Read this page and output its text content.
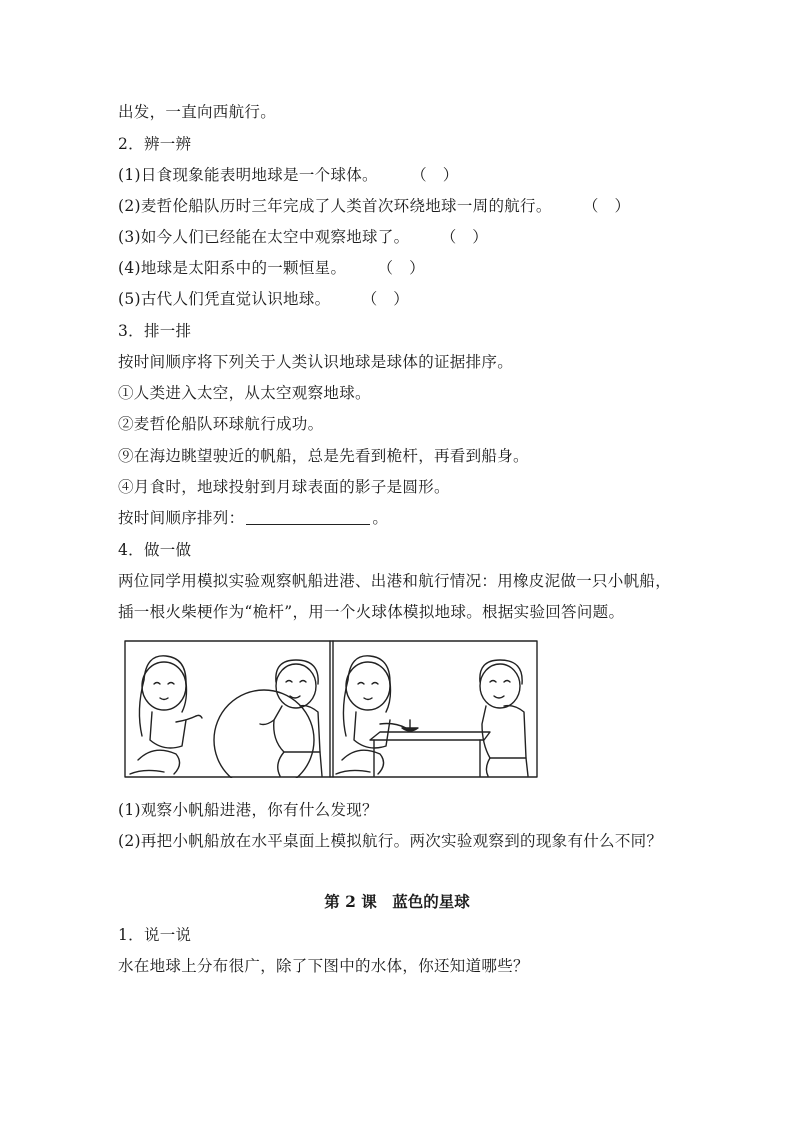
出发，一直向西航行。
2．辨一辨
(1)日食现象能表明地球是一个球体。 （　）
(2)麦哲伦船队历时三年完成了人类首次环绕地球一周的航行。 （　）
(3)如今人们已经能在太空中观察地球了。 （　）
(4)地球是太阳系中的一颗恒星。 （　）
(5)古代人们凭直觉认识地球。 （　）
3．排一排
按时间顺序将下列关于人类认识地球是球体的证据排序。
①人类进入太空，从太空观察地球。
②麦哲伦船队环球航行成功。
⑨在海边眺望驶近的帆船，总是先看到桅杆，再看到船身。
④月食时，地球投射到月球表面的影子是圆形。
按时间顺序排列：	。
4．做一做
两位同学用模拟实验观察帆船进港、出港和航行情况：用橡皮泥做一只小帆船，
插一根火柴梗作为“桅杆”，用一个火球体模拟地球。根据实验回答问题。
(1)观察小帆船进港，你有什么发现？
(2)再把小帆船放在水平桌面上模拟航行。两次实验观察到的现象有什么不同？
第 2 课　蓝色的星球
1．说一说
水在地球上分布很广，除了下图中的水体，你还知道哪些？
